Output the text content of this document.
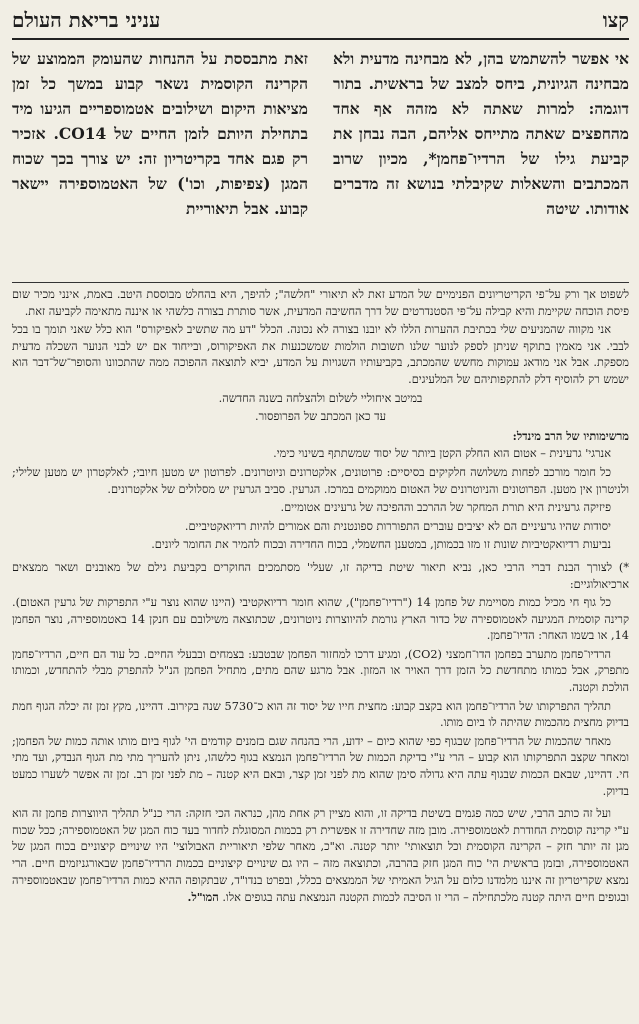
קצו
עניני בריאת העולם

אי אפשר להשתמש בהן, לא מבחינה מדעית ולא מבחינה הגיונית, ביחס למצב של בראשית. בתור דוגמה: למרות שאתה לא מזהה אף אחד מהחפצים שאתה מתייחס אליהם, הבה נבחן את קביעת גילו של הרדיו־פחמן*, מכיון שרוב המכתבים והשאלות שקיבלתי בנושא זה מדברים אודותו. שיטה

זאת מתבססת על ההנחות שהעומק הממוצע של הקרינה הקוסמית נשאר קבוע במשך כל זמן מציאות היקום ושילובים אטמוספריים הגיעו מיד בתחילת היותם לזמן החיים של CO14. אזכיר רק פגם אחד בקריטריון זה: יש צורך בכך שכוח המגן (צפיפות, וכו') של האטמוספירה יישאר קבוע. אבל תיאוריית

לשפוט אך ורק על־פי הקריטריונים הפנימיים של המדע זאת לא תיאורי "חלשה"; להיפך, היא בהחלט מבוססת היטב. באמת, אינני מכיר שום פיסת הוכחה שקיימת והיא קבילה על־פי הסטנדרטים של דרך החשיבה המדעית, אשר סותרת בצורה כלשהי או איננה מתאימה לקביעה זאת.

אני מקווה שהמניעים שלי בכתיבת ההערות הללו לא יובנו בצורה לא נכונה. הכלל "דע מה שתשיב לאפיקורס" הוא כלל שאני תומך בו בכל לבבי. אני מאמין בתוקף שניתן לספק לנוער שלנו תשובות הולמות שמשכנעות את האפיקורוס, ובייחוד אם יש לבני הנוער השכלה מדעית מספקת. אבל אני מודאג עמוקות מחשש שהמכתב, בקביעותיו השגויות על המדע, יביא לתוצאה ההפוכה ממה שהתכוונו והסופר־של־דבר הוא ישמש רק להוסיף דלק להתקפותיהם של המלעיגים.

במיטב איחוליי לשלום ולהצלחה בשנה החדשה.

עד כאן המכתב של הפרופסור.

מרשימותיו של הרב מינדל:

אנרגי' גרעינית – אטום הוא החלק הקטן ביותר של יסוד שמשתתף בשינוי כימי.

כל חומר מורכב לפחות משלושה חלקיקים בסיסיים: פרוטונים, אלקטרונים וניוטרונים. לפרוטון יש מטען חיובי; לאלקטרון יש מטען שלילי; ולניטרון אין מטען. הפרוטונים והניוטרונים של האטום ממוקמים במרכז. הגרעין. סביב הגרעין יש מסלולים של אלקטרונים.

פיזיקה גרעינית היא תורת המחקר של ההרכב וההפיכה של גרעינים אטומיים.

יסודות שהיו גרעיניים הם לא יציבים עוברים התפוררות ספונטנית והם אמורים להיות רדיואקטיביים.

נביעות רדיואקטיביות שונות זו מזו בכמותן, במטענן החשמלי, בכוח החדירה ובכוח להמיר את החומר ליונים.

*) לצורך הבנת דברי הרבי כאן, נביא תיאור שיטת בדיקה זו, שעלי' מסתמכים החוקרים בקביעת גילם של מאובנים ושאר ממצאים ארכיאולוגיים:

כל גוף חי מכיל כמות מסויימת של פחמן 14 ("רדיו־פחמן"), שהוא חומר רדיואקטיבי (היינו שהוא נוצר ע"י התפרקות של גרעין האטום). קרינה קוסמית המגיעה לאטמוספירה של כדור הארץ גורמת להיווצרות ניוטרונים, שכתוצאה משילובם עם חנקן 14 באטמוספירה, נוצר הפחמן 14, או בשמו האחר: הדיו־פחמן.

הרדיו־פחמן מתערב בפחמן הדו־חמצני (CO2), ומגיע דרכו למחזור הפחמן שבטבע: בצמחים ובבעלי החיים. כל עוד הם חיים, הרדיו־פחמן מתפרק, אבל כמותו מתחדשת כל הזמן דרך האויר או המזון. אבל מרגע שהם מתים, מתחיל הפחמן הנ"ל להתפרק מבלי להתחדש, וכמותו הולכת וקטנה.

תהליך התפרקותו של הרדיו־פחמן הוא בקצב קבוע: מחצית חייו של יסוד זה הוא כ־5730 שנה בקירוב. דהיינו, מקץ זמן זה יכלה הגוף חמת בדיוק מחצית מהכמות שהיתה לו ביום מותו.

מאחר שהכמות של הרדיו־פחמן שבגוף כפי שהוא כיום – ידוע, הרי בהנחה שגם בזמנים קודמים הי' לגוף ביום מותו אותה כמות של הפחמן; ומאחר שקצב התפרקותו הוא קבוע – הרי ע"י בדיקת הכמות של הרדיו־פחמן הנמצא בגוף כלשהו, ניתן להעריך מתי מת הגוף הנבדק, ועד מתי חי. דהיינו, שבאם הכמות שבגוף עתה היא גדולה סימן שהוא מת לפני זמן קצר, ובאם היא קטנה – מת לפני זמן רב. זמן זה אפשר לשערו כמעט בדיוק.

ועל זה כותב הרבי, שיש כמה פגמים בשיטת בדיקה זו, והוא מציין רק אחת מהן, כנראה הכי חזקה: הרי כנ"ל תהליך היווצרות פחמן זה הוא ע"י קרינה קוסמית החודרת לאטמוספירה. מובן מזה שחדירה זו אפשרית רק בכמות המסוגלת לחדור בעד כוח המגן של האטמוספירה; ככל שכוח מגן זה יותר חזק – הקרינה הקוסמית וכל תוצאותי' יותר קטנה. וא"כ, מאחר שלפי תיאוריית האבולוצי' היו שינויים קיצוניים בכוח המגן של האטמוספירה, ובזמן בראשית הי' כוח המגן חזק בהרבה, וכתוצאה מזה – היו גם שינויים קיצוניים בכמות הרדיו־פחמן שבאורגניזמים חיים. הרי נמצא שקריטריון זה איננו מלמדנו כלום על הגיל האמיתי של הממצאים בכלל, ובפרט בנדו"ד, שבתקופה ההיא כמות הרדיו־פחמן שבאטמוספירה ובגופים חיים היתה קטנה מלכתחילה – הרי זו הסיבה לכמות הקטנה הנמצאת עתה בגופים אלו. המו"ל.
